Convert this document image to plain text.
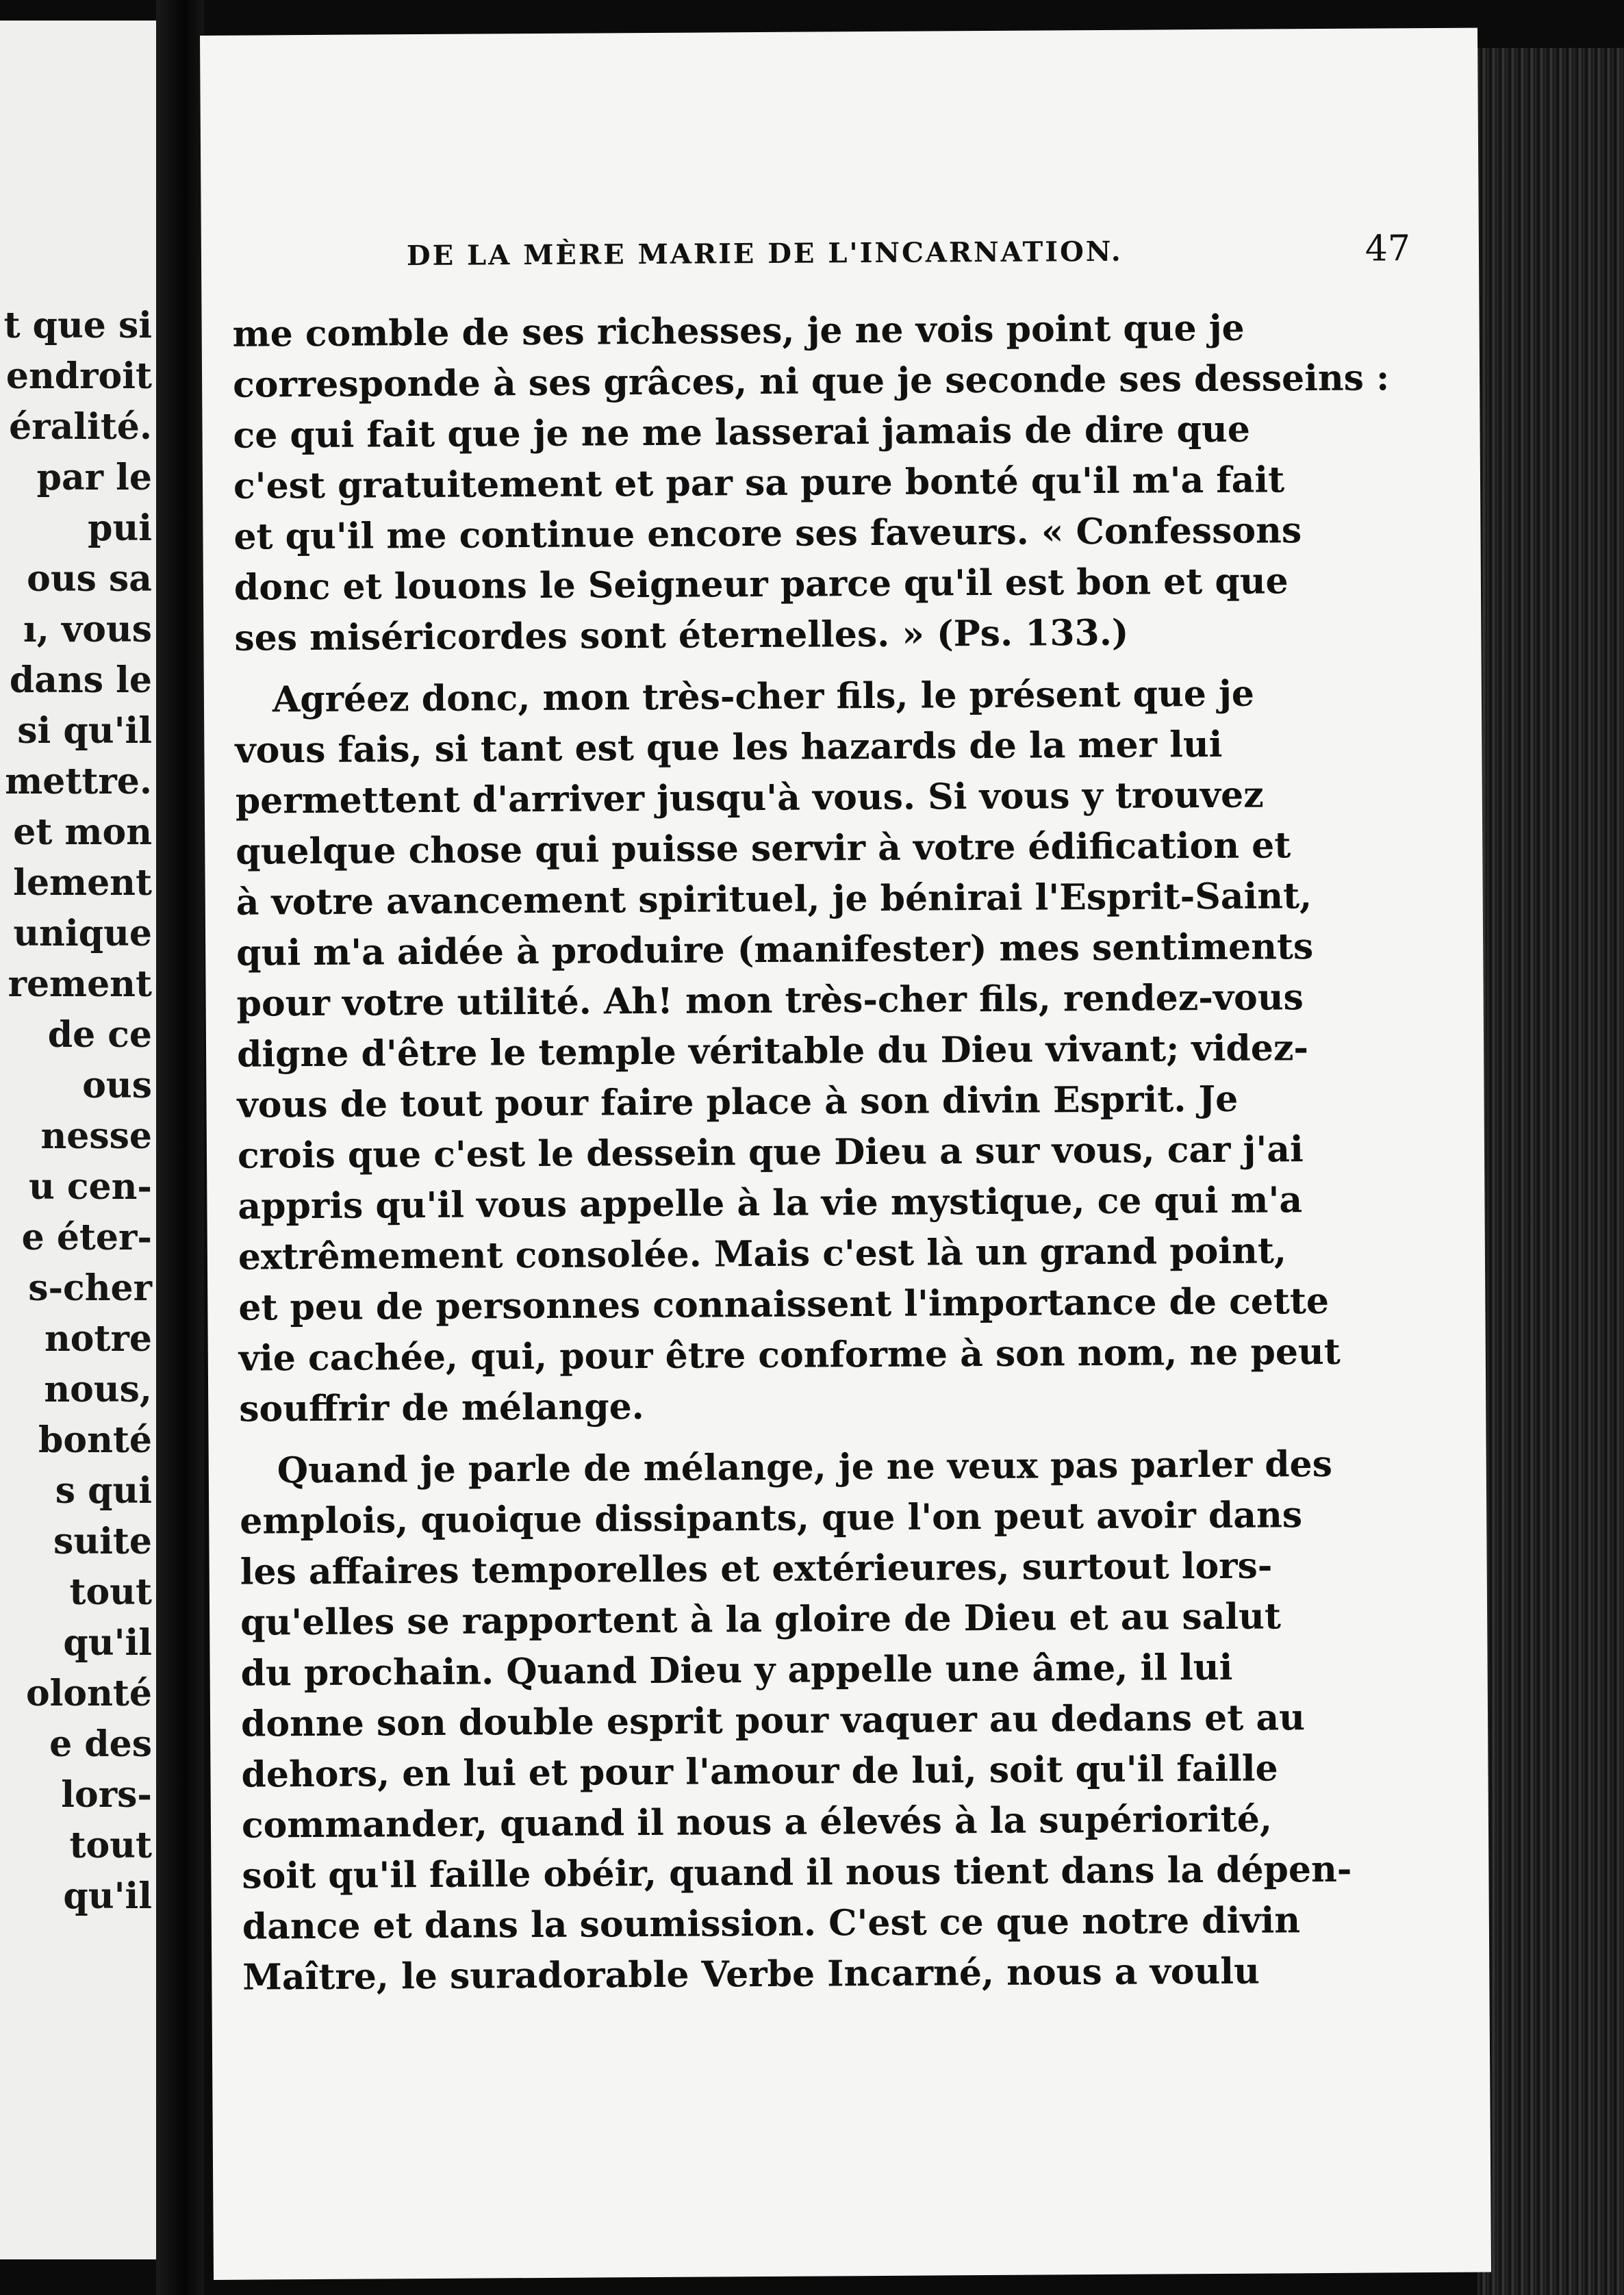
t que si
endroit
éralité.
par le
pui
ous sa
ı, vous
dans le
si qu'il
mettre.
et mon
lement
unique
rement
de ce
ous
nesse
u cen-
e éter-
s-cher
notre
nous,
bonté
s qui
suite
tout
qu'il
olonté
e des
lors-
tout
qu'il
DE LA MÈRE MARIE DE L'INCARNATION.	47
me comble de ses richesses, je ne vois point que je
corresponde à ses grâces, ni que je seconde ses desseins :
ce qui fait que je ne me lasserai jamais de dire que
c'est gratuitement et par sa pure bonté qu'il m'a fait
et qu'il me continue encore ses faveurs. « Confessons
donc et louons le Seigneur parce qu'il est bon et que
ses miséricordes sont éternelles. » (Ps. 133.)
Agréez donc, mon très-cher fils, le présent que je
vous fais, si tant est que les hazards de la mer lui
permettent d'arriver jusqu'à vous. Si vous y trouvez
quelque chose qui puisse servir à votre édification et
à votre avancement spirituel, je bénirai l'Esprit-Saint,
qui m'a aidée à produire (manifester) mes sentiments
pour votre utilité. Ah! mon très-cher fils, rendez-vous
digne d'être le temple véritable du Dieu vivant; videz-
vous de tout pour faire place à son divin Esprit. Je
crois que c'est le dessein que Dieu a sur vous, car j'ai
appris qu'il vous appelle à la vie mystique, ce qui m'a
extrêmement consolée. Mais c'est là un grand point,
et peu de personnes connaissent l'importance de cette
vie cachée, qui, pour être conforme à son nom, ne peut
souffrir de mélange.
Quand je parle de mélange, je ne veux pas parler des
emplois, quoique dissipants, que l'on peut avoir dans
les affaires temporelles et extérieures, surtout lors-
qu'elles se rapportent à la gloire de Dieu et au salut
du prochain. Quand Dieu y appelle une âme, il lui
donne son double esprit pour vaquer au dedans et au
dehors, en lui et pour l'amour de lui, soit qu'il faille
commander, quand il nous a élevés à la supériorité,
soit qu'il faille obéir, quand il nous tient dans la dépen-
dance et dans la soumission. C'est ce que notre divin
Maître, le suradorable Verbe Incarné, nous a voulu
